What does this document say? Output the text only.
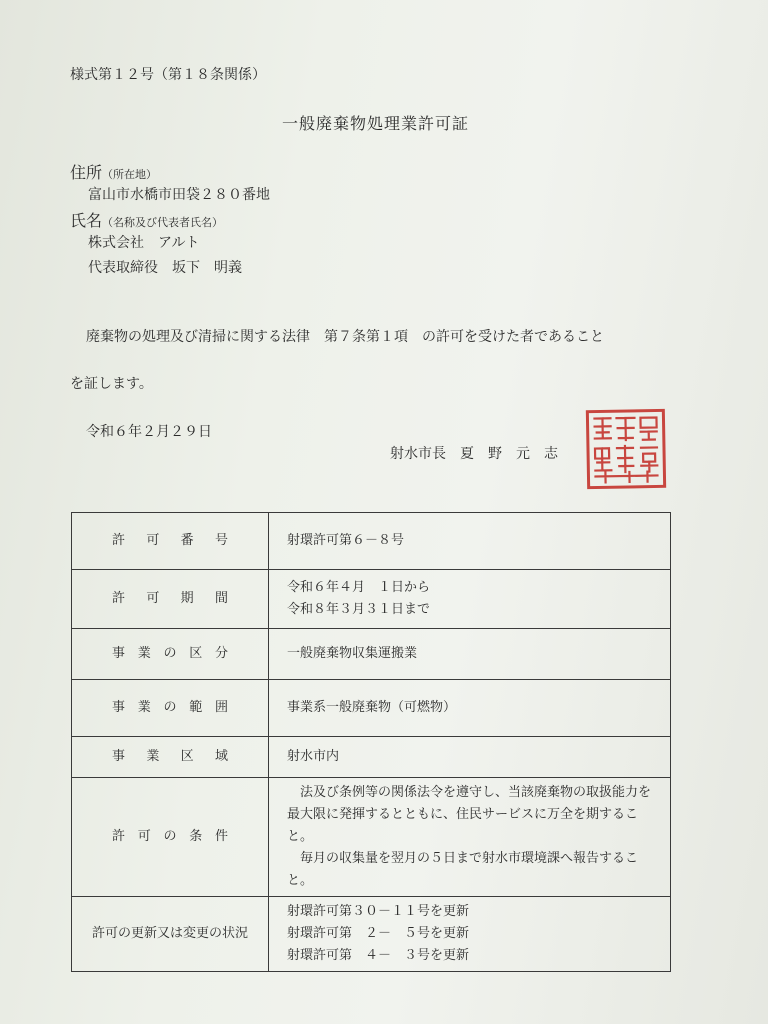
様式第１２号（第１８条関係）
一般廃棄物処理業許可証
住所（所在地）
富山市水橋市田袋２８０番地
氏名（名称及び代表者氏名）
株式会社　アルト
代表取締役　坂下　明義
廃棄物の処理及び清掃に関する法律　第７条第１項　の許可を受けた者であること
を証します。
令和６年２月２９日
射水市長　夏　野　元　志
許 可 番 号	射環許可第６－８号

許 可 期 間	令和６年４月　１日から
令和８年３月３１日まで

事 業 の 区 分	一般廃棄物収集運搬業

事 業 の 範 囲	事業系一般廃棄物（可燃物）

事 業 区 域	射水市内

許 可 の 条 件	法及び条例等の関係法令を遵守し、当該廃棄物の取扱能力を最大限に発揮するとともに、住民サービスに万全を期すること。
毎月の収集量を翌月の５日まで射水市環境課へ報告すること。

許可の更新又は変更の状況	射環許可第３０－１１号を更新
射環許可第　２－　５号を更新
射環許可第　４－　３号を更新
